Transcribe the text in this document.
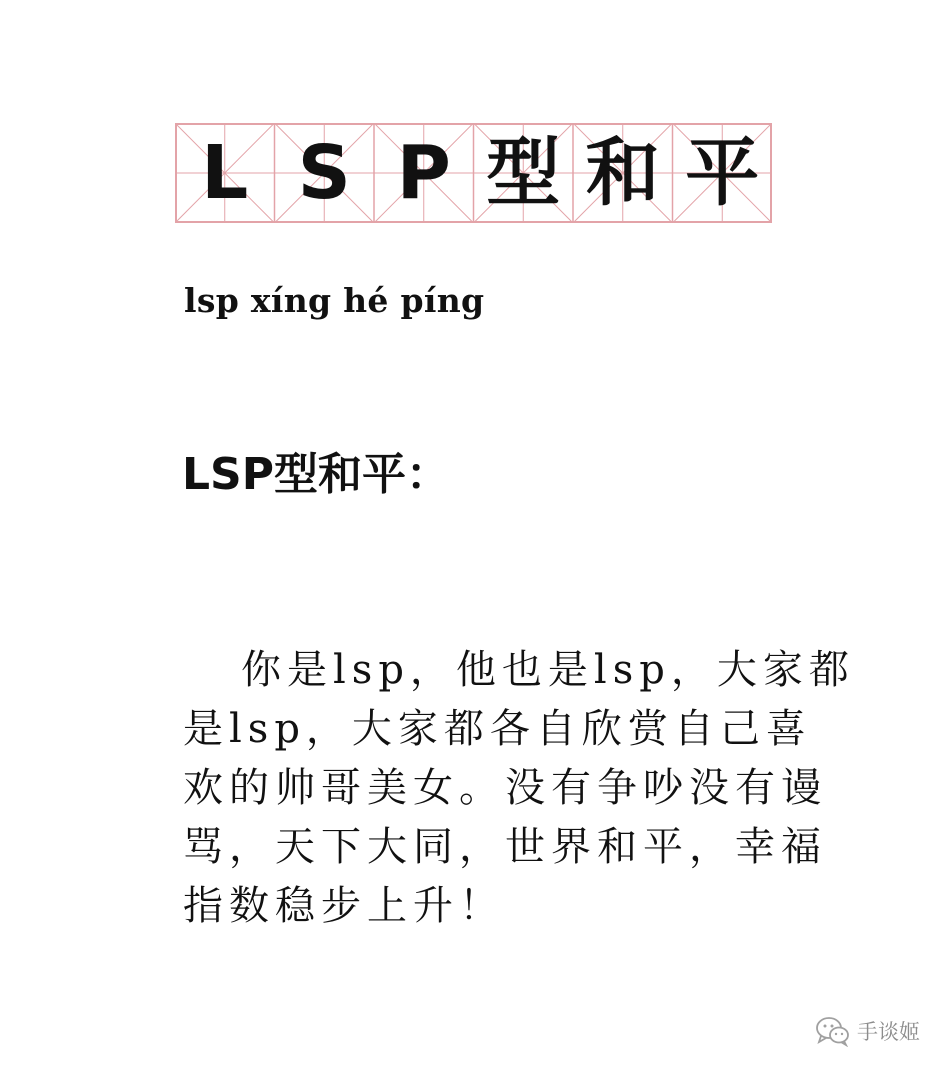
L S P 型 和 平
lsp xíng hé píng
LSP型和平：
你是lsp，他也是lsp，大家都
是lsp，大家都各自欣赏自己喜
欢的帅哥美女。没有争吵没有谩
骂，天下大同，世界和平，幸福
指数稳步上升！
手谈姬
